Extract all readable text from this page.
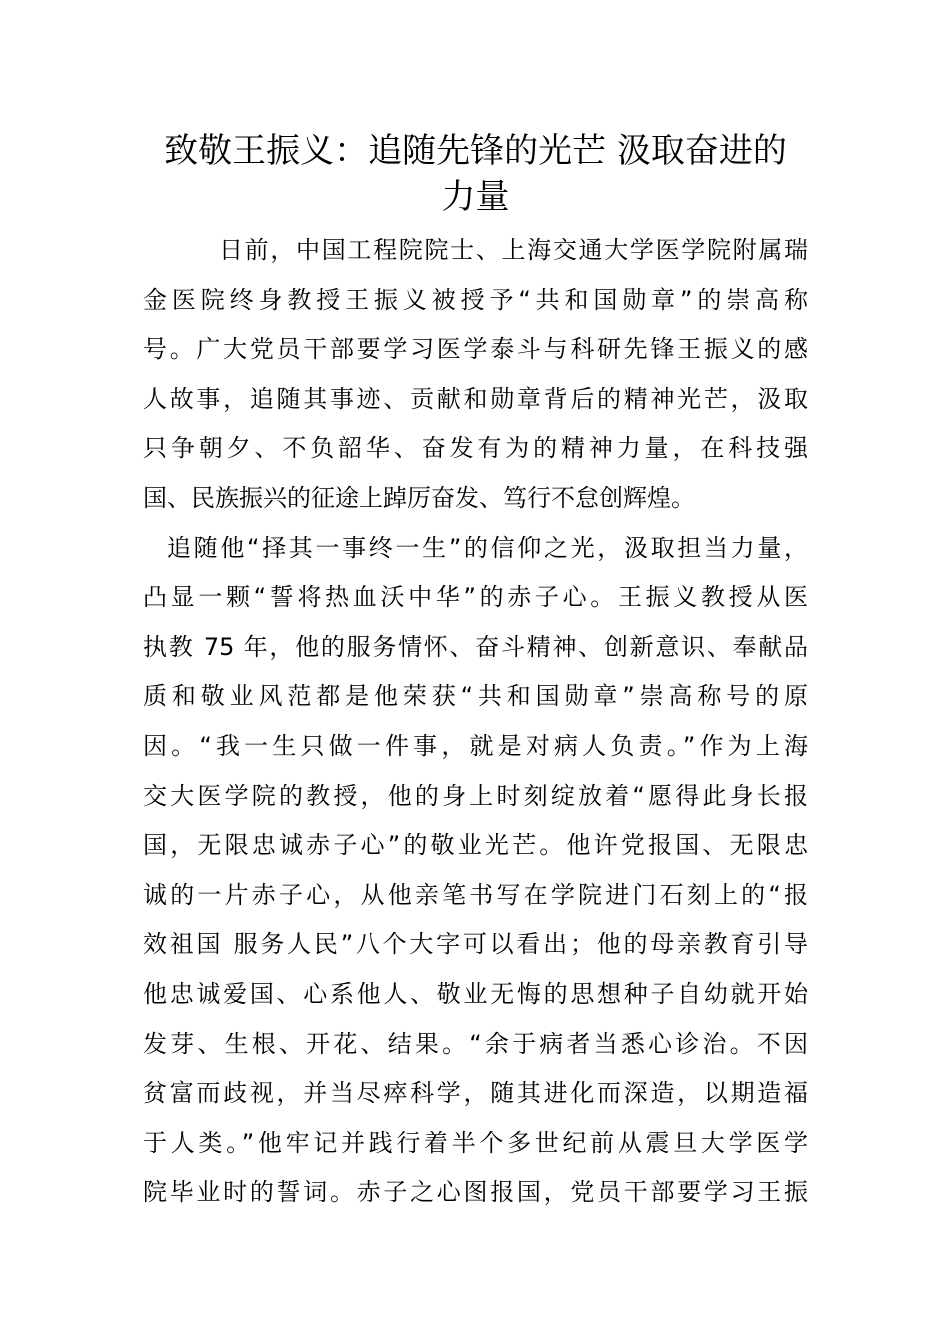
致敬王振义：追随先锋的光芒 汲取奋进的
力量
日前，中国工程院院士、上海交通大学医学院附属瑞
金医院终身教授王振义被授予“共和国勋章”的崇高称
号。广大党员干部要学习医学泰斗与科研先锋王振义的感
人故事，追随其事迹、贡献和勋章背后的精神光芒，汲取
只争朝夕、不负韶华、奋发有为的精神力量，在科技强
国、民族振兴的征途上踔厉奋发、笃行不怠创辉煌。
追随他“择其一事终一生”的信仰之光，汲取担当力量，
凸显一颗“誓将热血沃中华”的赤子心。王振义教授从医
执教 75 年，他的服务情怀、奋斗精神、创新意识、奉献品
质和敬业风范都是他荣获“共和国勋章”崇高称号的原
因。“我一生只做一件事，就是对病人负责。”作为上海
交大医学院的教授，他的身上时刻绽放着“愿得此身长报
国，无限忠诚赤子心”的敬业光芒。他许党报国、无限忠
诚的一片赤子心，从他亲笔书写在学院进门石刻上的“报
效祖国 服务人民”八个大字可以看出；他的母亲教育引导
他忠诚爱国、心系他人、敬业无悔的思想种子自幼就开始
发芽、生根、开花、结果。“余于病者当悉心诊治。不因
贫富而歧视，并当尽瘁科学，随其进化而深造，以期造福
于人类。”他牢记并践行着半个多世纪前从震旦大学医学
院毕业时的誓词。赤子之心图报国，党员干部要学习王振
